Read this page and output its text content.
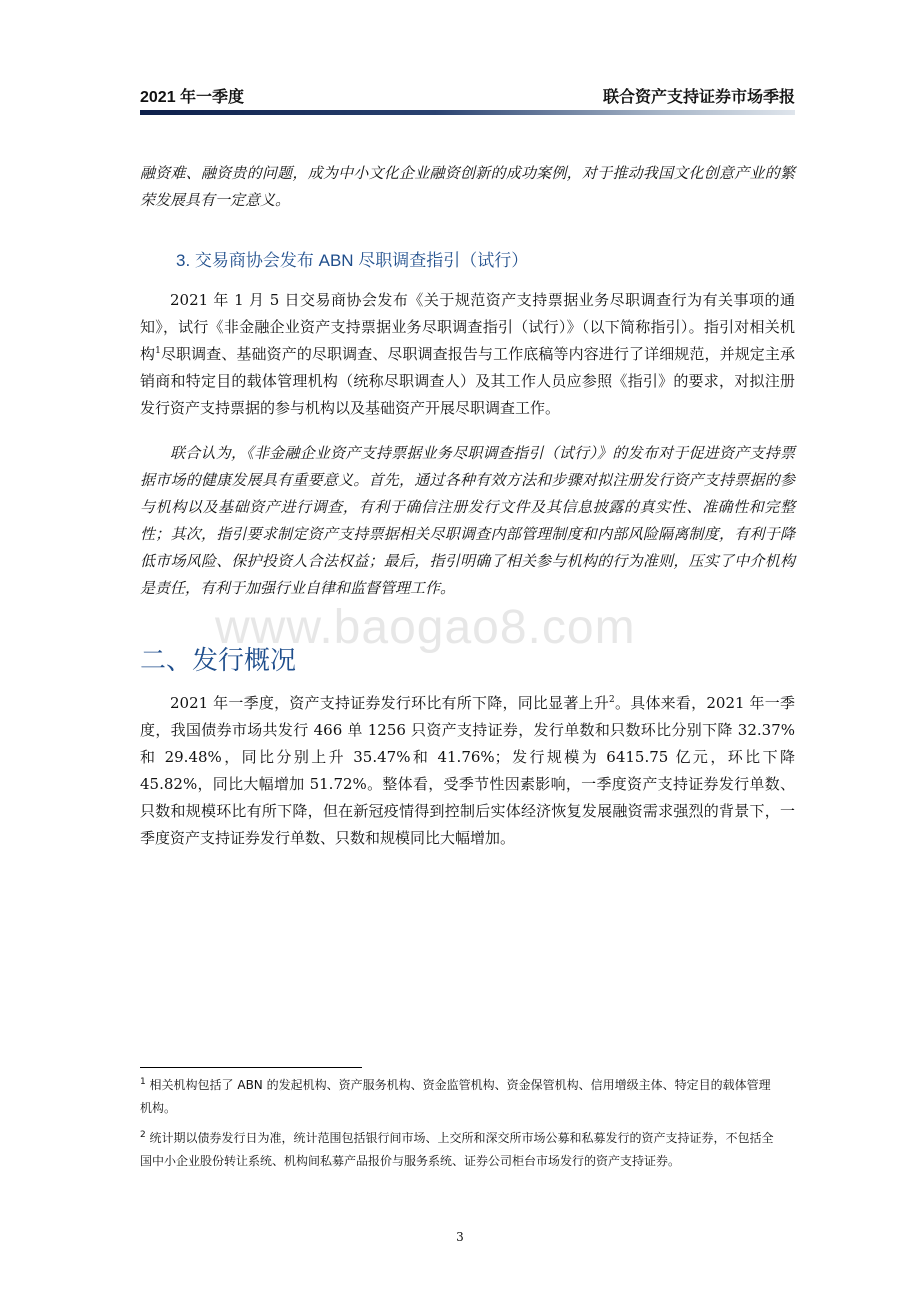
2021 年一季度	联合资产支持证券市场季报
www.baogao8.com
融资难、融资贵的问题，成为中小文化企业融资创新的成功案例，对于推动我国文化创意产业的繁荣发展具有一定意义。
3. 交易商协会发布 ABN 尽职调查指引（试行）
2021 年 1 月 5 日交易商协会发布《关于规范资产支持票据业务尽职调查行为有关事项的通知》，试行《非金融企业资产支持票据业务尽职调查指引（试行）》（以下简称指引）。指引对相关机构$^1$尽职调查、基础资产的尽职调查、尽职调查报告与工作底稿等内容进行了详细规范，并规定主承销商和特定目的载体管理机构（统称尽职调查人）及其工作人员应参照《指引》的要求，对拟注册发行资产支持票据的参与机构以及基础资产开展尽职调查工作。
联合认为，《非金融企业资产支持票据业务尽职调查指引（试行）》的发布对于促进资产支持票据市场的健康发展具有重要意义。首先，通过各种有效方法和步骤对拟注册发行资产支持票据的参与机构以及基础资产进行调查，有利于确信注册发行文件及其信息披露的真实性、准确性和完整性；其次，指引要求制定资产支持票据相关尽职调查内部管理制度和内部风险隔离制度，有利于降低市场风险、保护投资人合法权益；最后，指引明确了相关参与机构的行为准则，压实了中介机构是责任，有利于加强行业自律和监督管理工作。
二、发行概况
2021 年一季度，资产支持证券发行环比有所下降，同比显著上升$^2$。具体来看，2021 年一季度，我国债券市场共发行 466 单 1256 只资产支持证券，发行单数和只数环比分别下降 32.37%和 29.48%，同比分别上升 35.47%和 41.76%；发行规模为 6415.75 亿元，环比下降 45.82%，同比大幅增加 51.72%。整体看，受季节性因素影响，一季度资产支持证券发行单数、只数和规模环比有所下降，但在新冠疫情得到控制后实体经济恢复发展融资需求强烈的背景下，一季度资产支持证券发行单数、只数和规模同比大幅增加。
$^1$ 相关机构包括了 ABN 的发起机构、资产服务机构、资金监管机构、资金保管机构、信用增级主体、特定目的载体管理机构。
$^2$ 统计期以债券发行日为准，统计范围包括银行间市场、上交所和深交所市场公募和私募发行的资产支持证券，不包括全国中小企业股份转让系统、机构间私募产品报价与服务系统、证券公司柜台市场发行的资产支持证券。
3
